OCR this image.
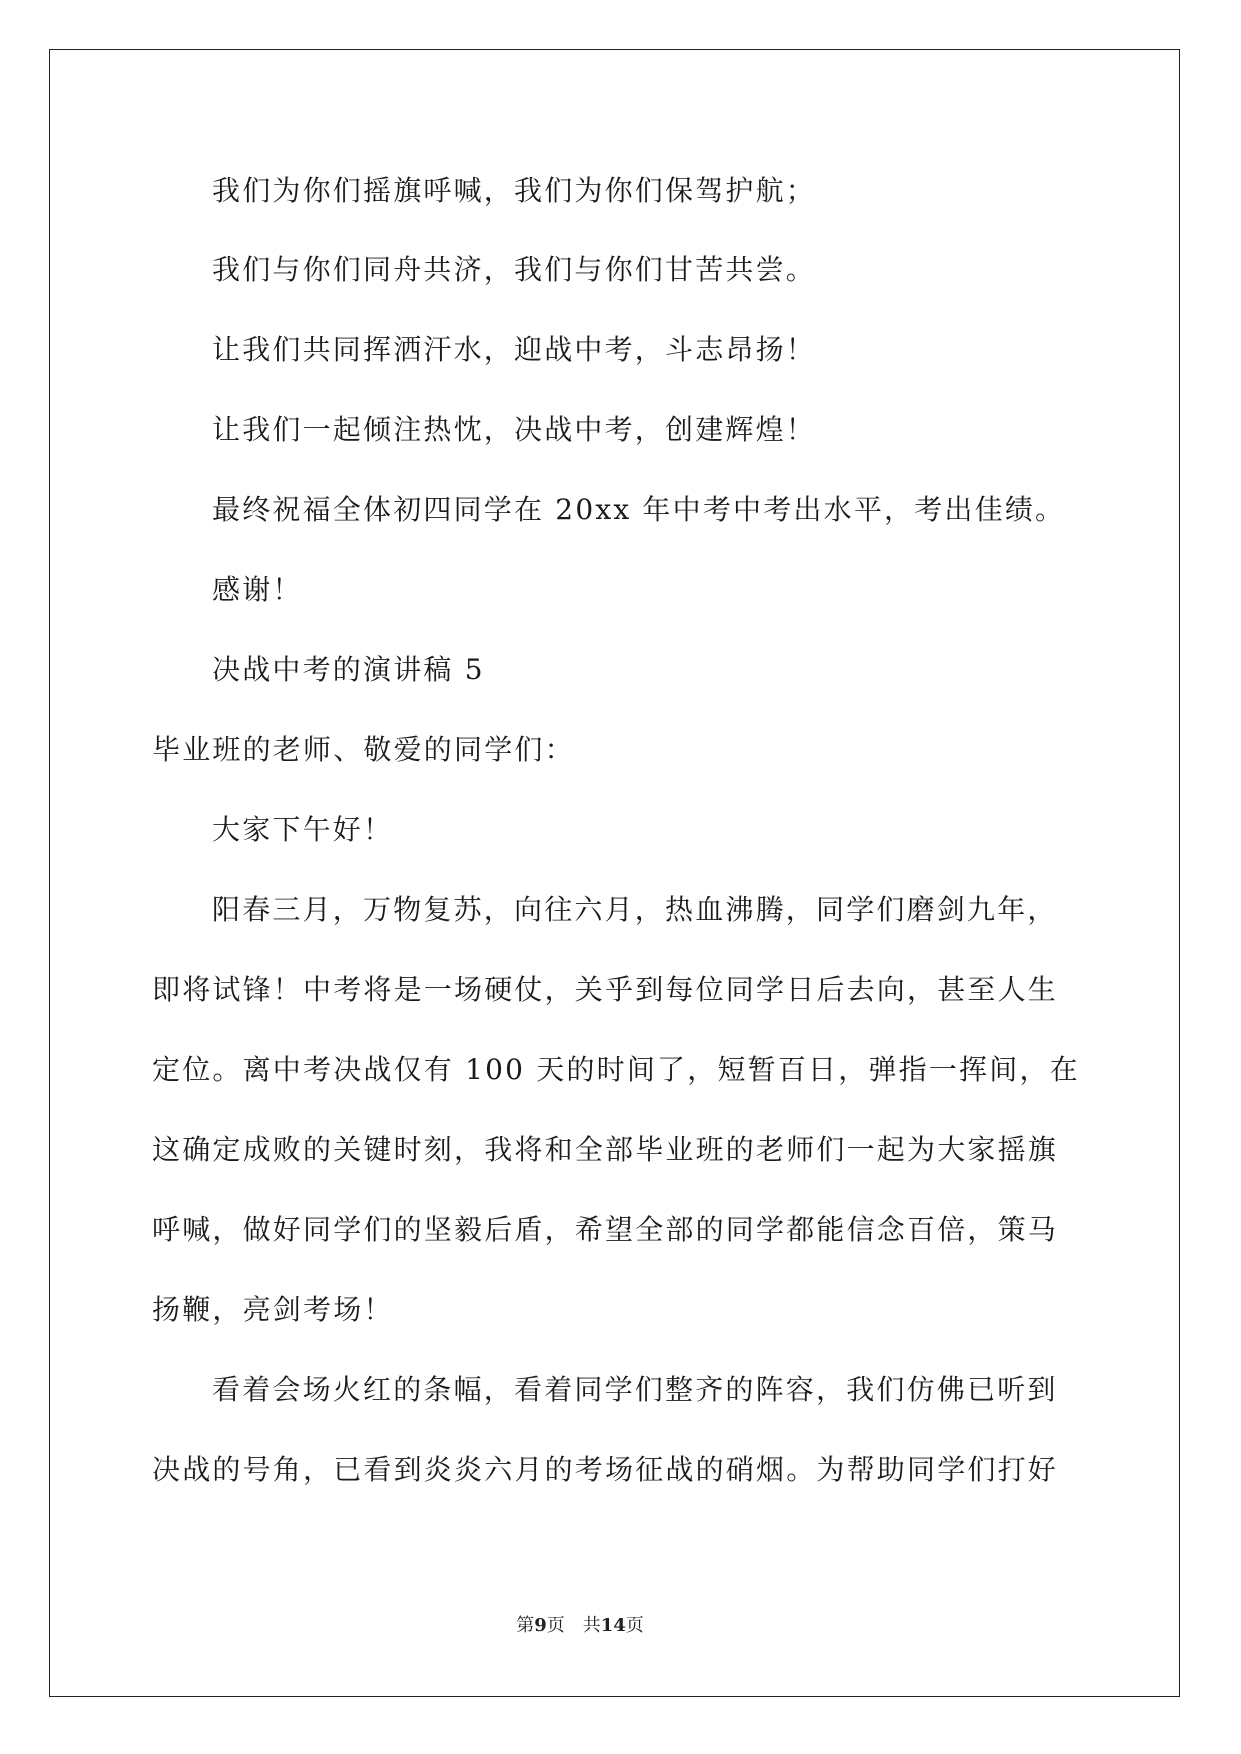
我们为你们摇旗呼喊，我们为你们保驾护航；
我们与你们同舟共济，我们与你们甘苦共尝。
让我们共同挥洒汗水，迎战中考，斗志昂扬！
让我们一起倾注热忱，决战中考，创建辉煌！
最终祝福全体初四同学在 20xx 年中考中考出水平，考出佳绩。
感谢！
决战中考的演讲稿 5
毕业班的老师、敬爱的同学们：
大家下午好！
阳春三月，万物复苏，向往六月，热血沸腾，同学们磨剑九年，
即将试锋！中考将是一场硬仗，关乎到每位同学日后去向，甚至人生
定位。离中考决战仅有 100 天的时间了，短暂百日，弹指一挥间，在
这确定成败的关键时刻，我将和全部毕业班的老师们一起为大家摇旗
呼喊，做好同学们的坚毅后盾，希望全部的同学都能信念百倍，策马
扬鞭，亮剑考场！
看着会场火红的条幅，看着同学们整齐的阵容，我们仿佛已听到
决战的号角，已看到炎炎六月的考场征战的硝烟。为帮助同学们打好
第9页 共14页
